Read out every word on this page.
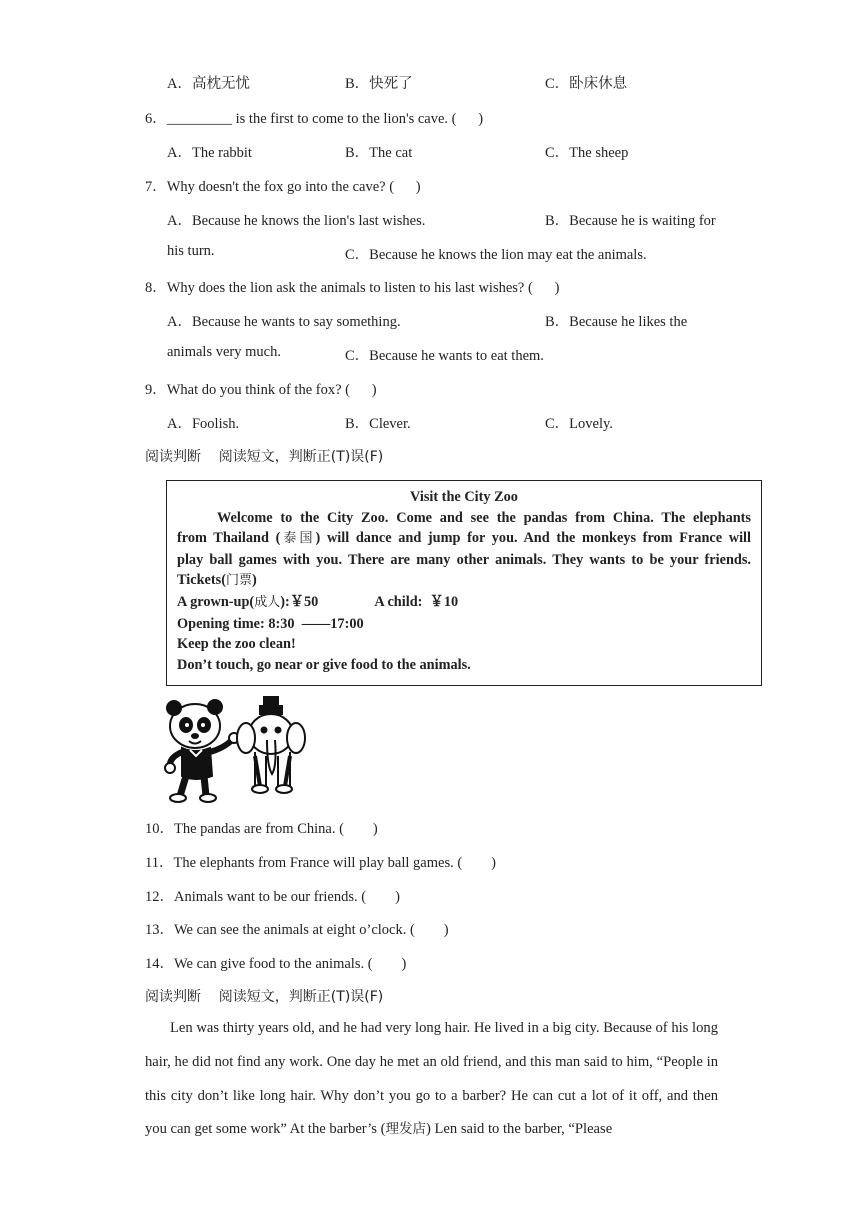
A．高枕无忧	B．快死了	C．卧床休息
6．_________ is the first to come to the lion's cave. (      )
A．The rabbit	B．The cat	C．The sheep
7．Why doesn't the fox go into the cave? (      )
A．Because he knows the lion's last wishes.	B．Because he is waiting for
his turn.	C．Because he knows the lion may eat the animals.
8．Why does the lion ask the animals to listen to his last wishes? (      )
A．Because he wants to say something.	B．Because he likes the
animals very much.	C．Because he wants to eat them.
9．What do you think of the fox? (      )
A．Foolish.	B．Clever.	C．Lovely.
阅读判断    阅读短文，判断正(T)误(F)
Visit the City Zoo
Welcome to the City Zoo. Come and see the pandas from China. The elephants
from Thailand (泰国) will dance and jump for you. And the monkeys from France will
play ball games with you. There are many other animals. They wants to be your friends.
Tickets(门票)
A grown-up(成人):￥50	A child:  ￥10
Opening time: 8:30  ——17:00
Keep the zoo clean!
Don’t touch, go near or give food to the animals.
10．The pandas are from China. (        )
11．The elephants from France will play ball games. (        )
12．Animals want to be our friends. (        )
13．We can see the animals at eight o’clock. (        )
14．We can give food to the animals. (        )
阅读判断    阅读短文，判断正(T)误(F)

Len was thirty years old, and he had very long hair. He lived in a big city. Because of his long hair, he did not find any work. One day he met an old friend, and this man said to him, “People in this city don’t like long hair. Why don’t you go to a barber? He can cut a lot of it off, and then you can get some work” At the barber’s (理发店) Len said to the barber, “Please
